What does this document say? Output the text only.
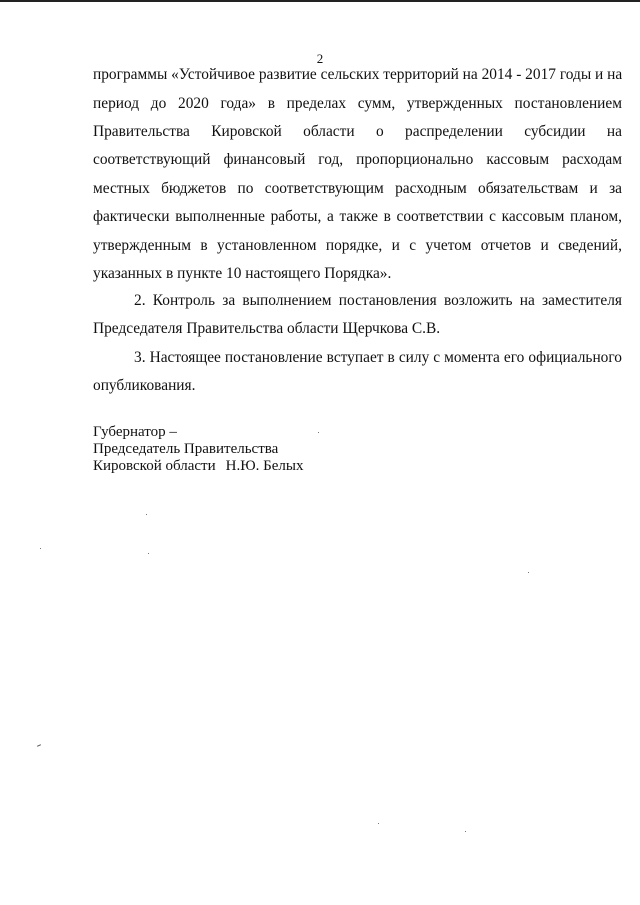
2
программы «Устойчивое развитие сельских территорий на 2014 - 2017 годы и на
период до 2020 года» в пределах сумм, утвержденных постановлением
Правительства Кировской области о распределении субсидии на
соответствующий финансовый год, пропорционально кассовым расходам
местных бюджетов по соответствующим расходным обязательствам и за
фактически выполненные работы, а также в соответствии с кассовым планом,
утвержденным в установленном порядке, и с учетом отчетов и сведений,
указанных в пункте 10 настоящего Порядка».
2. Контроль за выполнением постановления возложить на заместителя
Председателя Правительства области Щерчкова С.В.
3. Настоящее постановление вступает в силу с момента его официального
опубликования.
Губернатор –
Председатель Правительства
Кировской области Н.Ю. Белых
